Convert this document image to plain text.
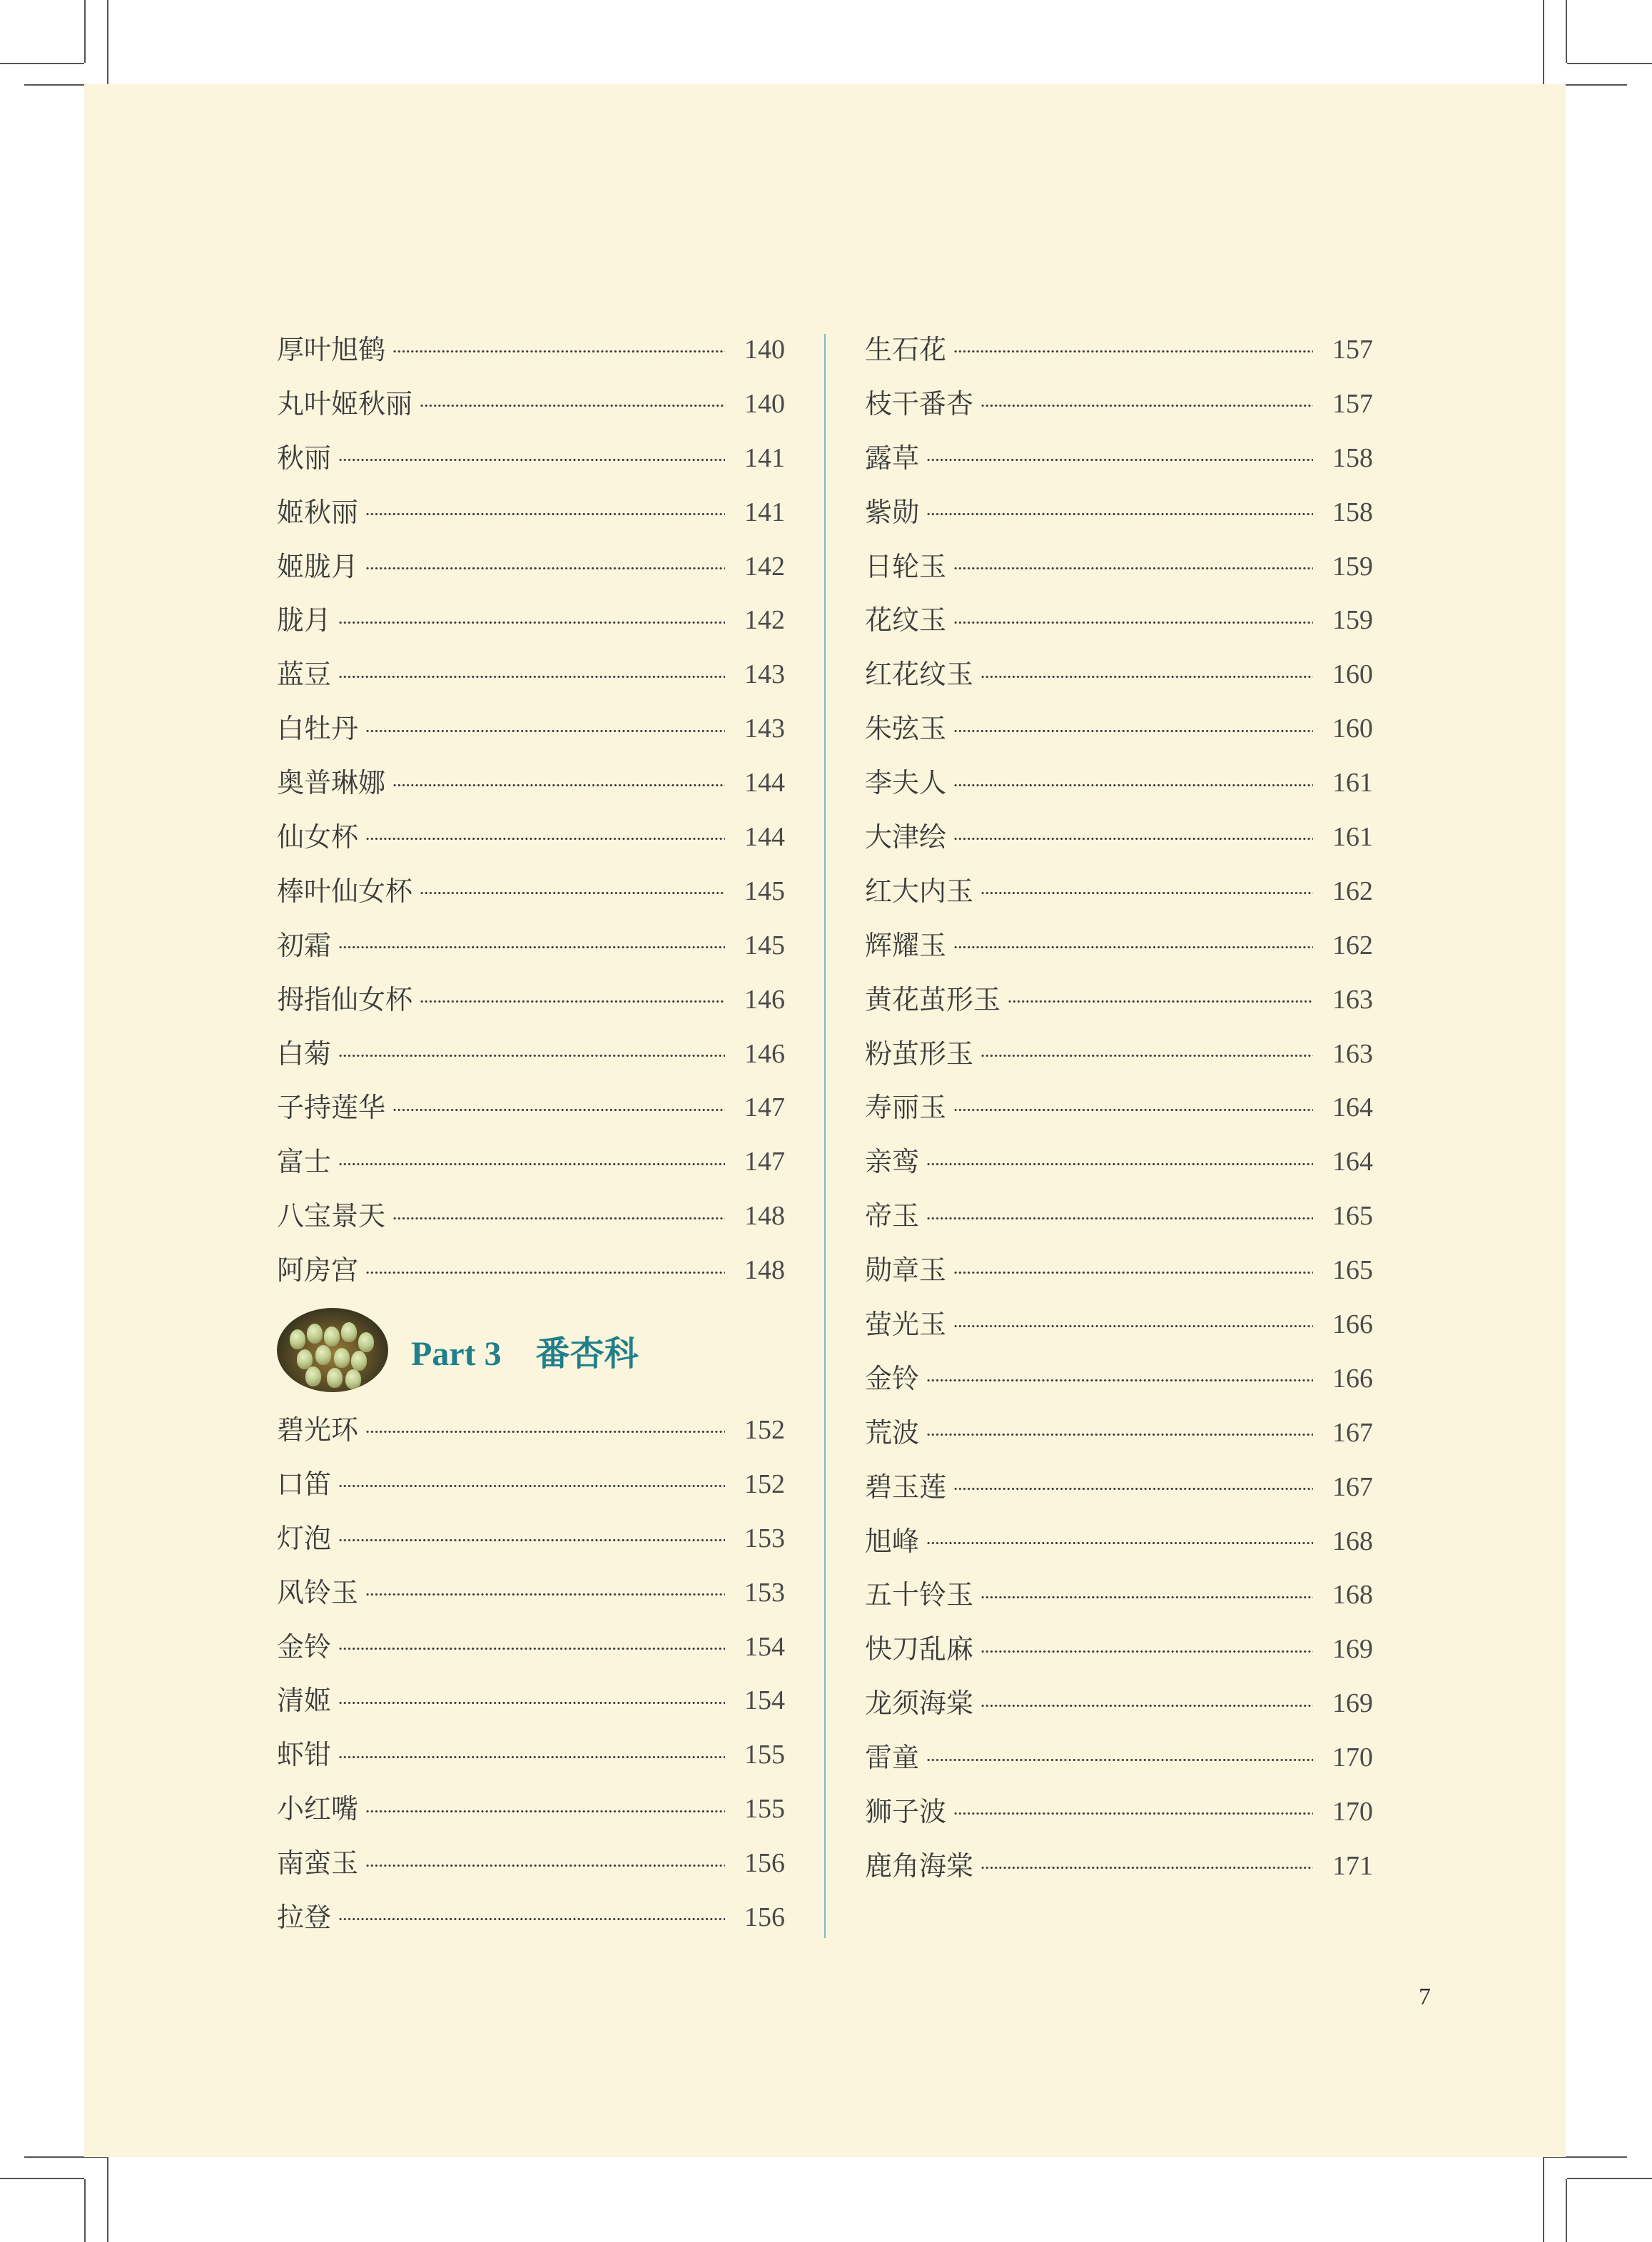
厚叶旭鹤	140
丸叶姬秋丽	140
秋丽	141
姬秋丽	141
姬胧月	142
胧月	142
蓝豆	143
白牡丹	143
奥普琳娜	144
仙女杯	144
棒叶仙女杯	145
初霜	145
拇指仙女杯	146
白菊	146
子持莲华	147
富士	147
八宝景天	148
阿房宫	148
Part 3 番杏科
碧光环	152
口笛	152
灯泡	153
风铃玉	153
金铃	154
清姬	154
虾钳	155
小红嘴	155
南蛮玉	156
拉登	156
生石花	157
枝干番杏	157
露草	158
紫勋	158
日轮玉	159
花纹玉	159
红花纹玉	160
朱弦玉	160
李夫人	161
大津绘	161
红大内玉	162
辉耀玉	162
黄花茧形玉	163
粉茧形玉	163
寿丽玉	164
亲鸾	164
帝玉	165
勋章玉	165
萤光玉	166
金铃	166
荒波	167
碧玉莲	167
旭峰	168
五十铃玉	168
快刀乱麻	169
龙须海棠	169
雷童	170
狮子波	170
鹿角海棠	171
7
